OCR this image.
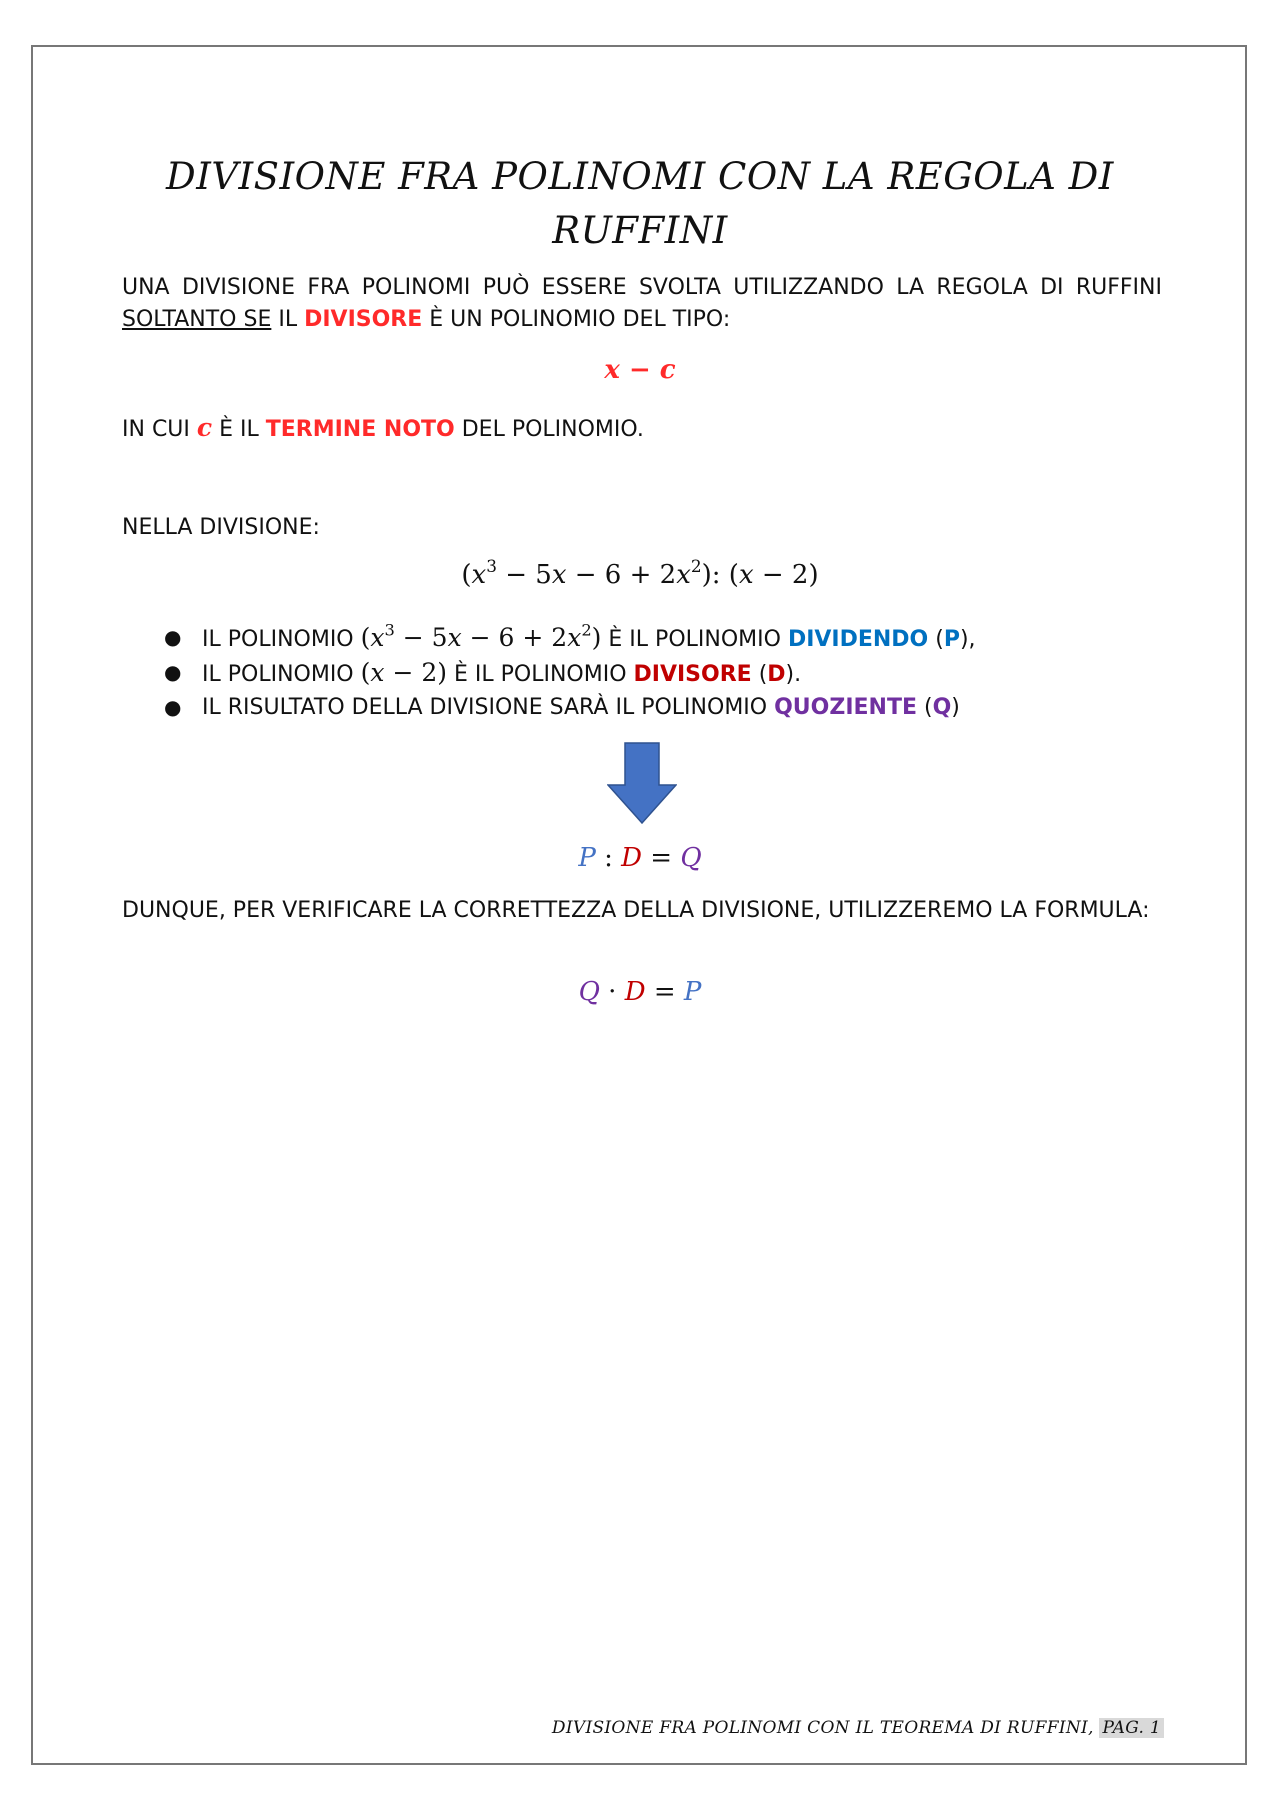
DIVISIONE FRA POLINOMI CON LA REGOLA DI
RUFFINI
UNA DIVISIONE FRA POLINOMI PUÒ ESSERE SVOLTA UTILIZZANDO LA REGOLA DI RUFFINI SOLTANTO SE IL DIVISORE È UN POLINOMIO DEL TIPO:
x − c
IN CUI c È IL TERMINE NOTO DEL POLINOMIO.
NELLA DIVISIONE:
$(x^3 - 5x - 6 + 2x^2)$: (x − 2)
● IL POLINOMIO $(x^3 - 5x - 6 + 2x^2)$ È IL POLINOMIO DIVIDENDO (P),
● IL POLINOMIO (x − 2) È IL POLINOMIO DIVISORE (D).
● IL RISULTATO DELLA DIVISIONE SARÀ IL POLINOMIO QUOZIENTE (Q)
P : D = Q
DUNQUE, PER VERIFICARE LA CORRETTEZZA DELLA DIVISIONE, UTILIZZEREMO LA FORMULA:
Q · D = P
DIVISIONE FRA POLINOMI CON IL TEOREMA DI RUFFINI, PAG. 1
